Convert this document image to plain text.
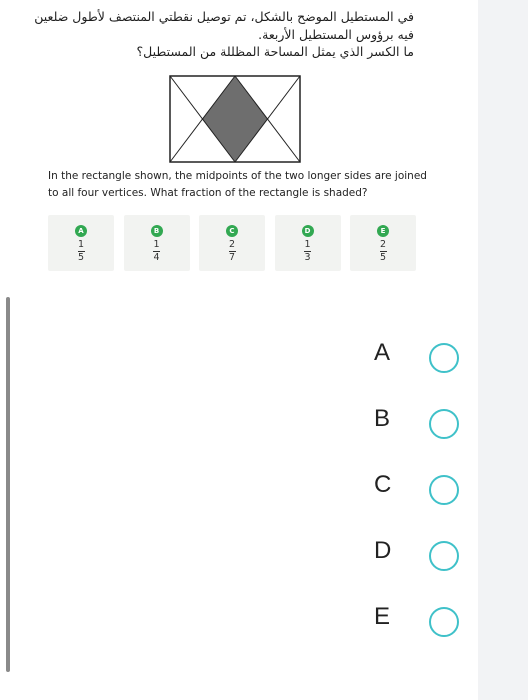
في المستطيل الموضح بالشكل، تم توصيل نقطتي المنتصف لأطول ضلعين فيه برؤوس المستطيل الأربعة.
ما الكسر الذي يمثل المساحة المظللة من المستطيل؟
In the rectangle shown, the midpoints of the two longer sides are joined to all four vertices. What fraction of the rectangle is shaded?
A
$\frac{1}{5}$
B
$\frac{1}{4}$
C
$\frac{2}{7}$
D
$\frac{1}{3}$
E
$\frac{2}{5}$
A
B
C
D
E
